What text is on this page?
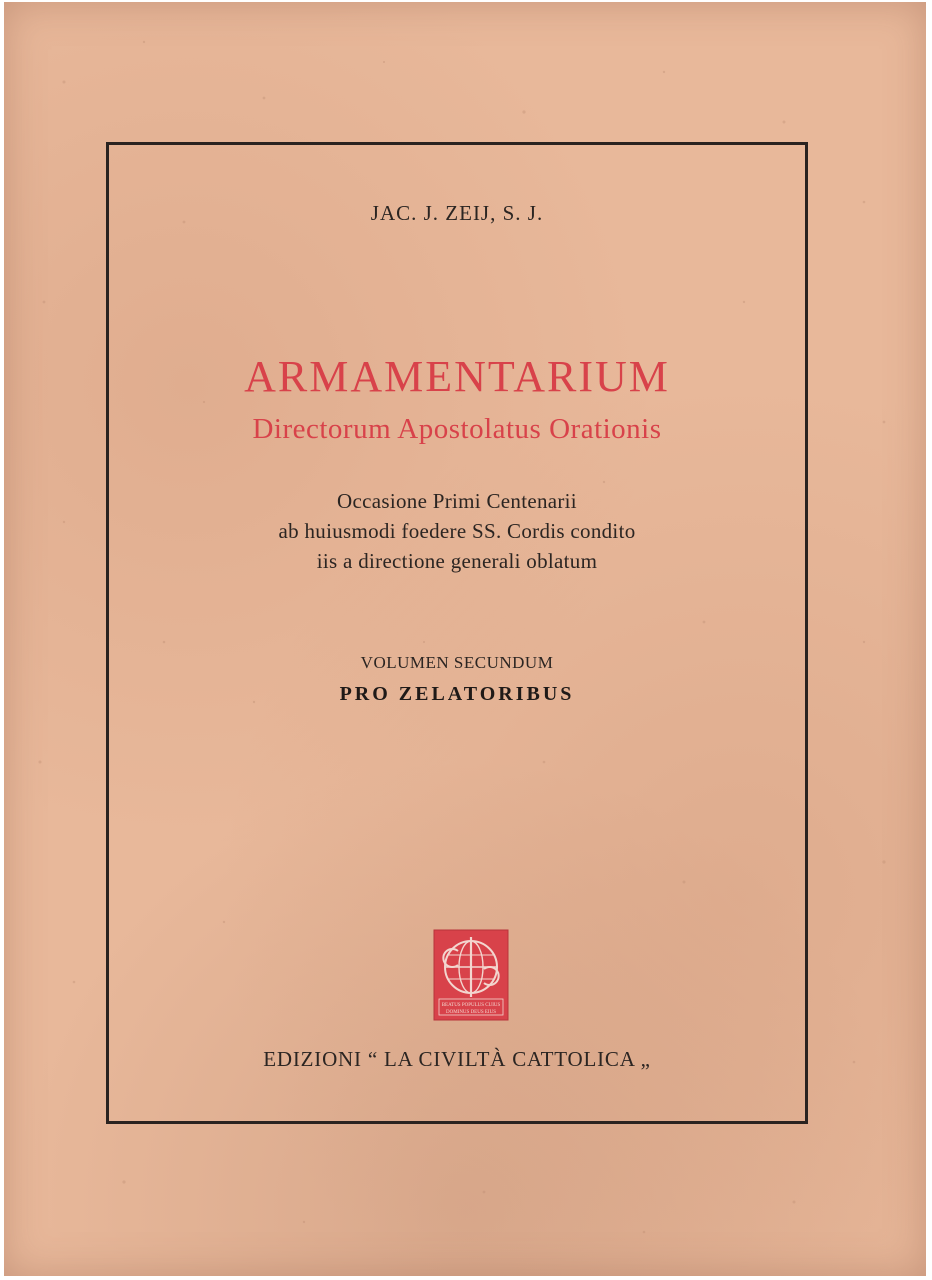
JAC. J. ZEIJ, S. J.
ARMAMENTARIUM
Directorum Apostolatus Orationis
Occasione Primi Centenarii
ab huiusmodi foedere SS. Cordis condito
iis a directione generali oblatum
VOLUMEN SECUNDUM
PRO ZELATORIBUS
BEATUS POPULUS CUIUS
DOMINUS DEUS EIUS
EDIZIONI “ LA CIVILTÀ CATTOLICA „
